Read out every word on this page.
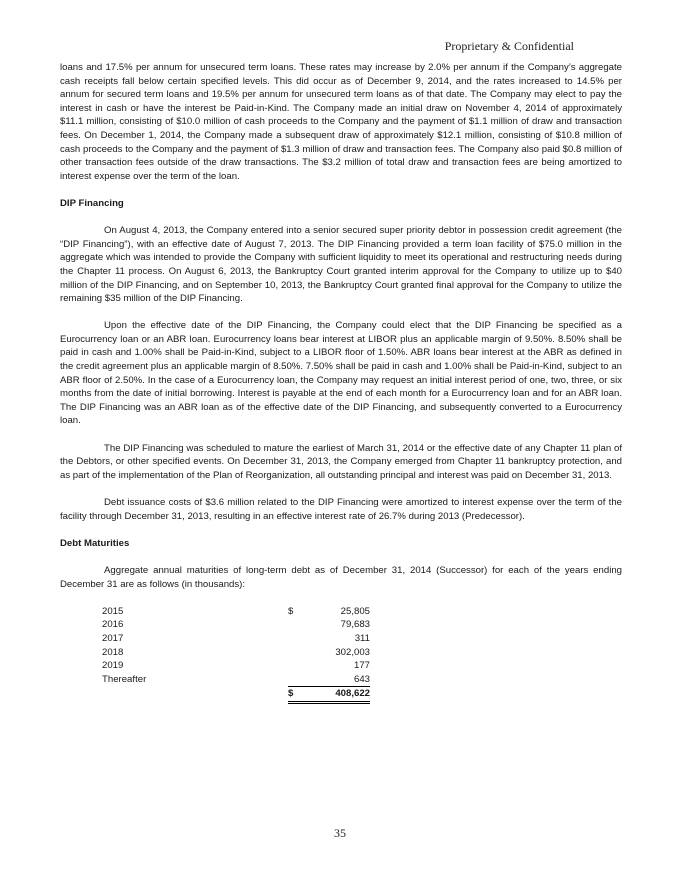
Proprietary & Confidential

loans and 17.5% per annum for unsecured term loans. These rates may increase by 2.0% per annum if the Company’s aggregate cash receipts fall below certain specified levels. This did occur as of December 9, 2014, and the rates increased to 14.5% per annum for secured term loans and 19.5% per annum for unsecured term loans as of that date. The Company may elect to pay the interest in cash or have the interest be Paid-in-Kind. The Company made an initial draw on November 4, 2014 of approximately $11.1 million, consisting of $10.0 million of cash proceeds to the Company and the payment of $1.1 million of draw and transaction fees. On December 1, 2014, the Company made a subsequent draw of approximately $12.1 million, consisting of $10.8 million of cash proceeds to the Company and the payment of $1.3 million of draw and transaction fees. The Company also paid $0.8 million of other transaction fees outside of the draw transactions. The $3.2 million of total draw and transaction fees are being amortized to interest expense over the term of the loan.

DIP Financing

On August 4, 2013, the Company entered into a senior secured super priority debtor in possession credit agreement (the “DIP Financing”), with an effective date of August 7, 2013. The DIP Financing provided a term loan facility of $75.0 million in the aggregate which was intended to provide the Company with sufficient liquidity to meet its operational and restructuring needs during the Chapter 11 process. On August 6, 2013, the Bankruptcy Court granted interim approval for the Company to utilize up to $40 million of the DIP Financing, and on September 10, 2013, the Bankruptcy Court granted final approval for the Company to utilize the remaining $35 million of the DIP Financing.

Upon the effective date of the DIP Financing, the Company could elect that the DIP Financing be specified as a Eurocurrency loan or an ABR loan. Eurocurrency loans bear interest at LIBOR plus an applicable margin of 9.50%. 8.50% shall be paid in cash and 1.00% shall be Paid-in-Kind, subject to a LIBOR floor of 1.50%. ABR loans bear interest at the ABR as defined in the credit agreement plus an applicable margin of 8.50%. 7.50% shall be paid in cash and 1.00% shall be Paid-in-Kind, subject to an ABR floor of 2.50%. In the case of a Eurocurrency loan, the Company may request an initial interest period of one, two, three, or six months from the date of initial borrowing. Interest is payable at the end of each month for a Eurocurrency loan and for an ABR loan. The DIP Financing was an ABR loan as of the effective date of the DIP Financing, and subsequently converted to a Eurocurrency loan.

The DIP Financing was scheduled to mature the earliest of March 31, 2014 or the effective date of any Chapter 11 plan of the Debtors, or other specified events. On December 31, 2013, the Company emerged from Chapter 11 bankruptcy protection, and as part of the implementation of the Plan of Reorganization, all outstanding principal and interest was paid on December 31, 2013.

Debt issuance costs of $3.6 million related to the DIP Financing were amortized to interest expense over the term of the facility through December 31, 2013, resulting in an effective interest rate of 26.7% during 2013 (Predecessor).

Debt Maturities

Aggregate annual maturities of long-term debt as of December 31, 2014 (Successor) for each of the years ending December 31 are as follows (in thousands):

2015	$	25,805
2016		79,683
2017		311
2018		302,003
2019		177
Thereafter		643
	$	408,622
35
